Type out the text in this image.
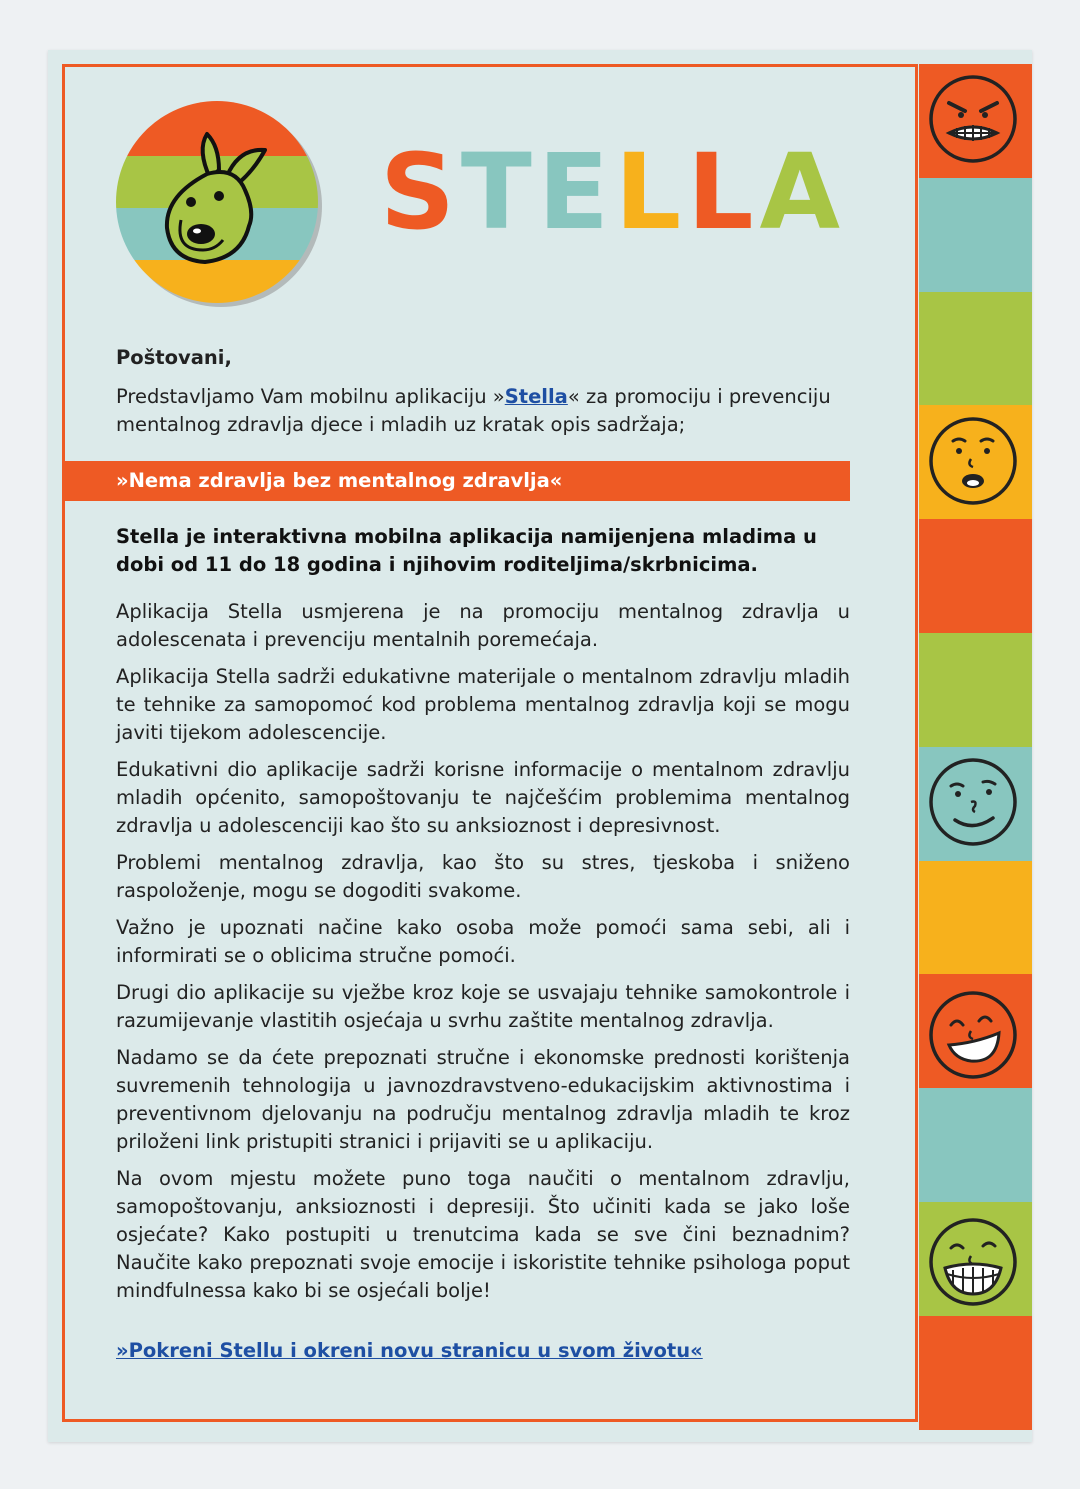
STELLA
Poštovani,
Predstavljamo Vam mobilnu aplikaciju »Stella« za promociju i prevenciju mentalnog zdravlja djece i mladih uz kratak opis sadržaja;
»Nema zdravlja bez mentalnog zdravlja«
Stella je interaktivna mobilna aplikacija namijenjena mladima u dobi od 11 do 18 godina i njihovim roditeljima/skrbnicima.

Aplikacija Stella usmjerena je na promociju mentalnog zdravlja u adolescenata i prevenciju mentalnih poremećaja.

Aplikacija Stella sadrži edukativne materijale o mentalnom zdravlju mladih te tehnike za samopomoć kod problema mentalnog zdravlja koji se mogu javiti tijekom adolescencije.

Edukativni dio aplikacije sadrži korisne informacije o mentalnom zdravlju mladih općenito, samopoštovanju te najčešćim problemima mentalnog zdravlja u adolescenciji kao što su anksioznost i depresivnost.

Problemi mentalnog zdravlja, kao što su stres, tjeskoba i sniženo raspoloženje, mogu se dogoditi svakome.

Važno je upoznati načine kako osoba može pomoći sama sebi, ali i informirati se o oblicima stručne pomoći.

Drugi dio aplikacije su vježbe kroz koje se usvajaju tehnike samokontrole i razumijevanje vlastitih osjećaja u svrhu zaštite mentalnog zdravlja.

Nadamo se da ćete prepoznati stručne i ekonomske prednosti korištenja suvremenih tehnologija u javnozdravstveno-edukacijskim aktivnostima i preventivnom djelovanju na području mentalnog zdravlja mladih te kroz priloženi link pristupiti stranici i prijaviti se u aplikaciju.

Na ovom mjestu možete puno toga naučiti o mentalnom zdravlju, samopoštovanju, anksioznosti i depresiji. Što učiniti kada se jako loše osjećate? Kako postupiti u trenutcima kada se sve čini beznadnim? Naučite kako prepoznati svoje emocije i iskoristite tehnike psihologa poput mindfulnessa kako bi se osjećali bolje!

»Pokreni Stellu i okreni novu stranicu u svom životu«
